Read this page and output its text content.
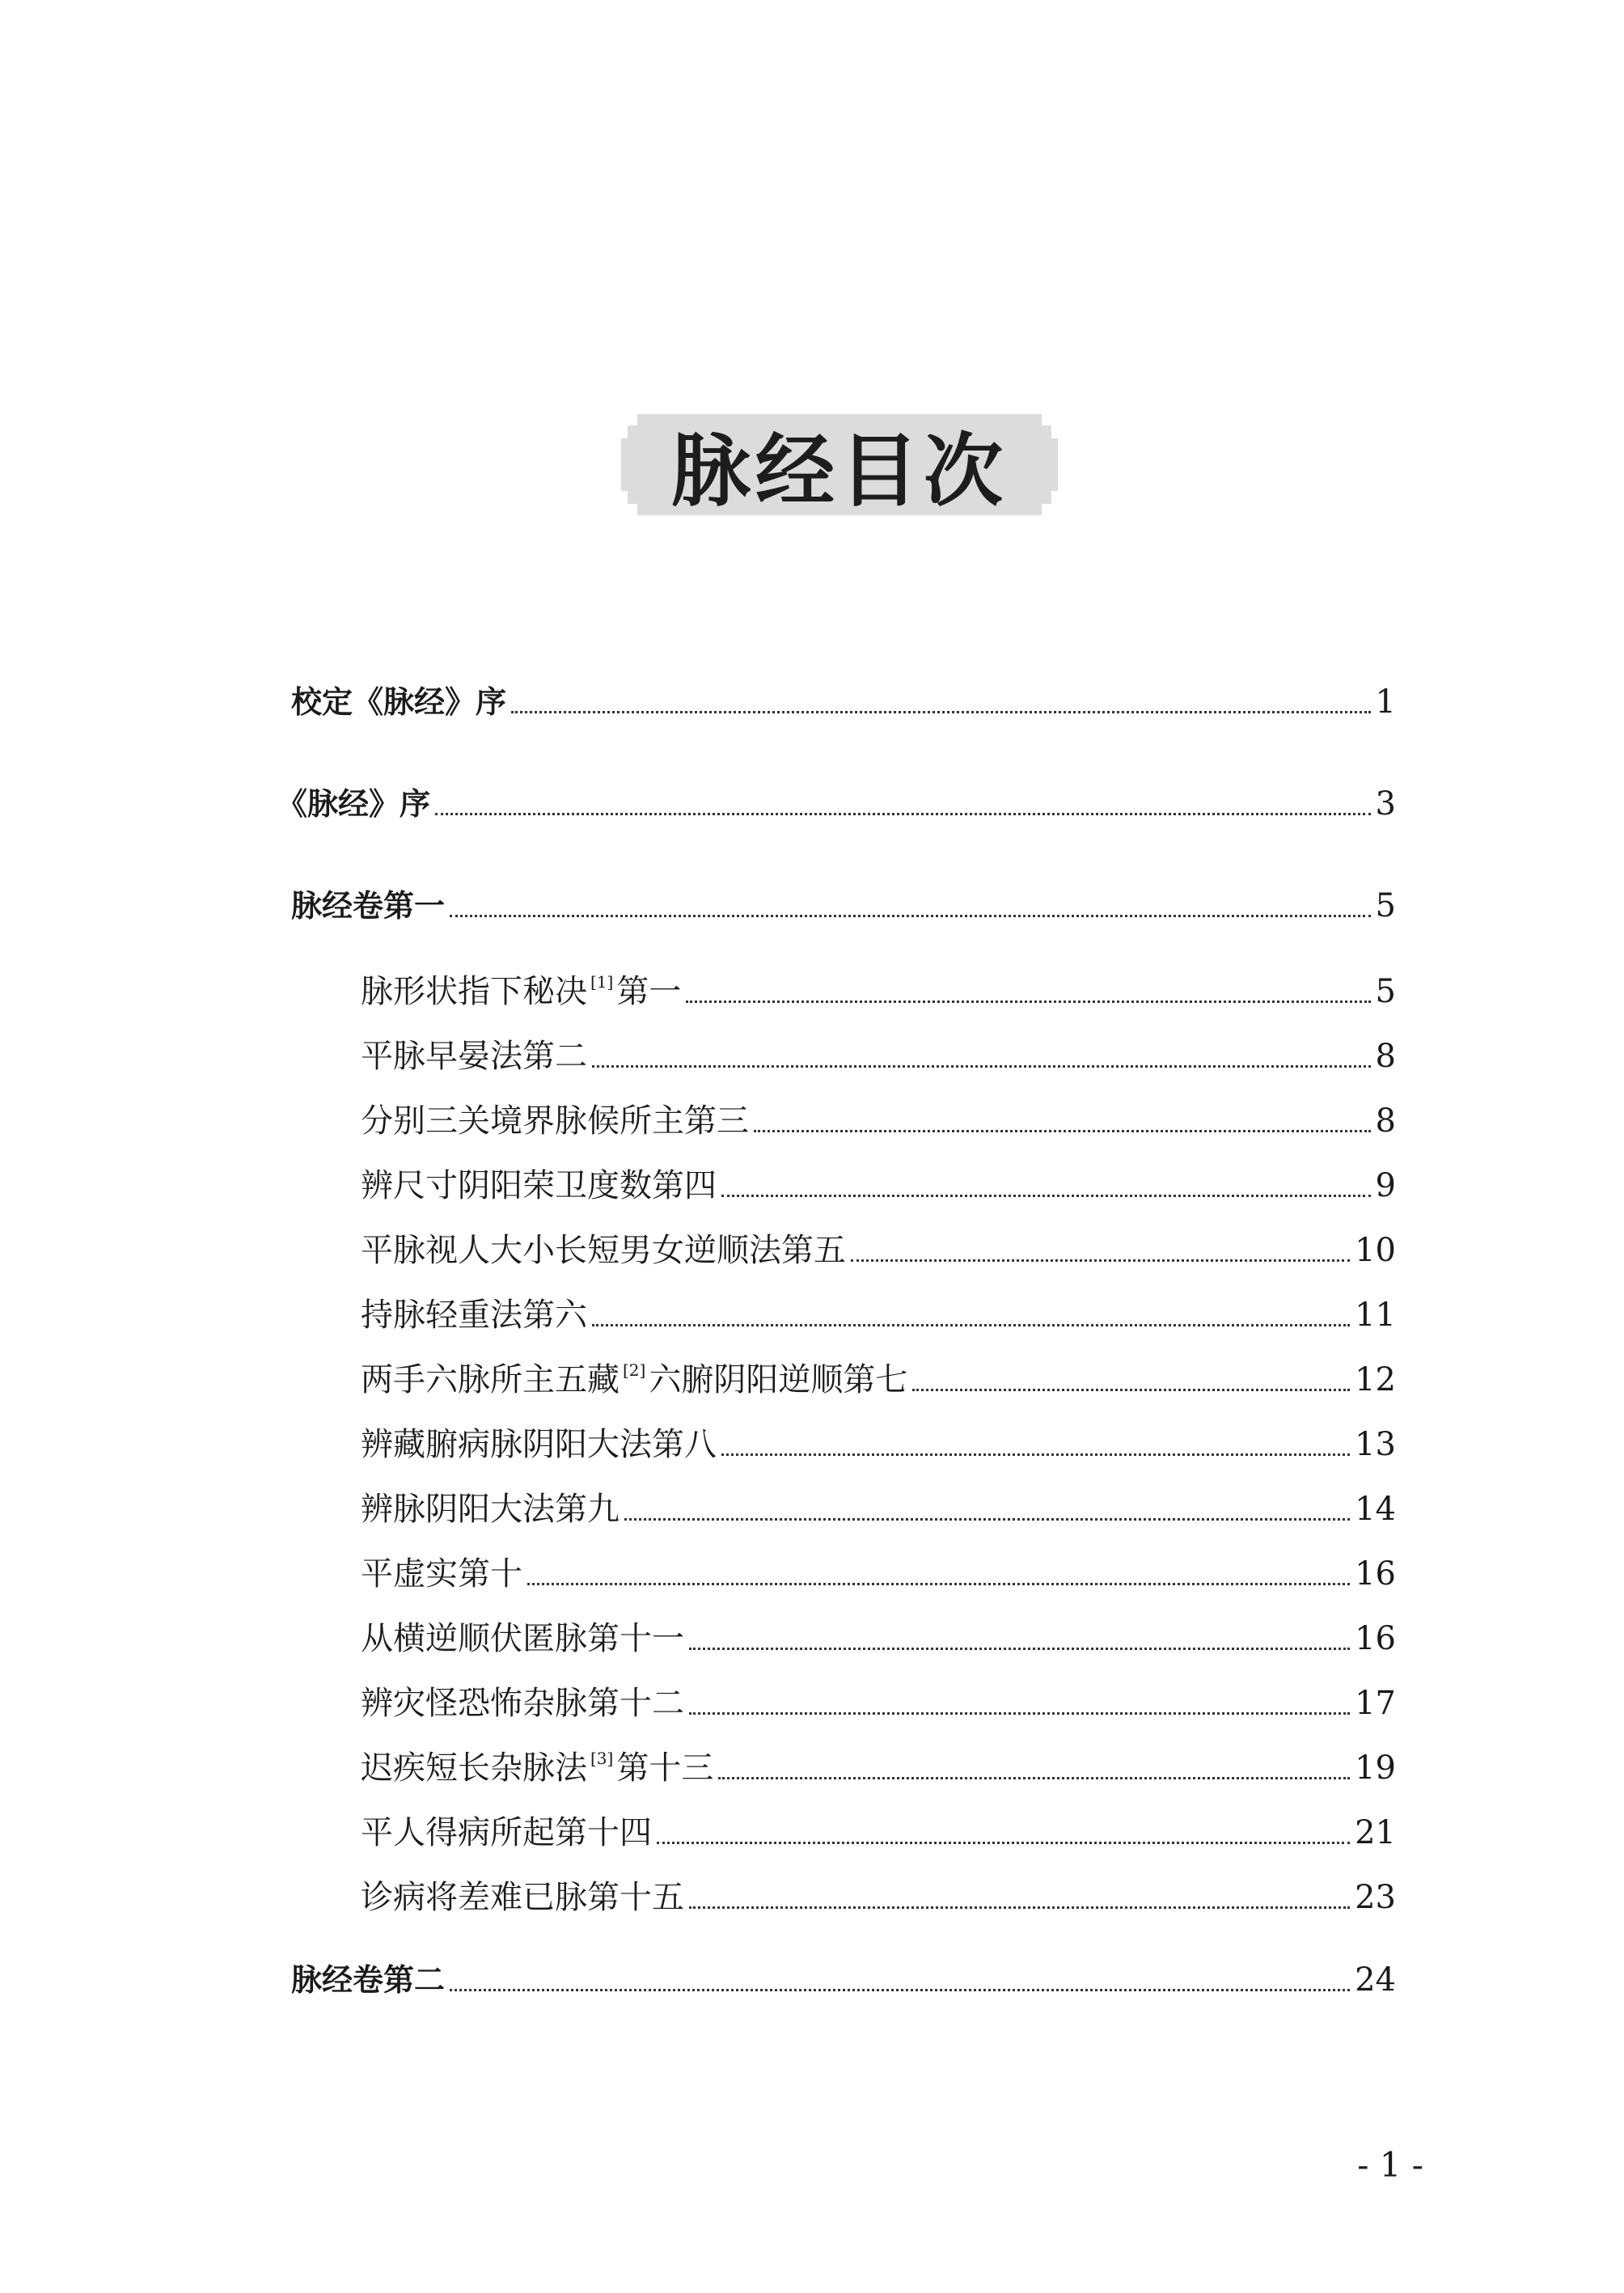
脉经目次
校定《脉经》序	1
《脉经》序	3
脉经卷第一	5
脉形状指下秘决 [1] 第一	5
平脉早晏法第二	8
分别三关境界脉候所主第三	8
辨尺寸阴阳荣卫度数第四	9
平脉视人大小长短男女逆顺法第五	10
持脉轻重法第六	11
两手六脉所主五藏 [2] 六腑阴阳逆顺第七	12
辨藏腑病脉阴阳大法第八	13
辨脉阴阳大法第九	14
平虚实第十	16
从横逆顺伏匿脉第十一	16
辨灾怪恐怖杂脉第十二	17
迟疾短长杂脉法 [3] 第十三	19
平人得病所起第十四	21
诊病将差难已脉第十五	23
脉经卷第二	24
- 1 -
